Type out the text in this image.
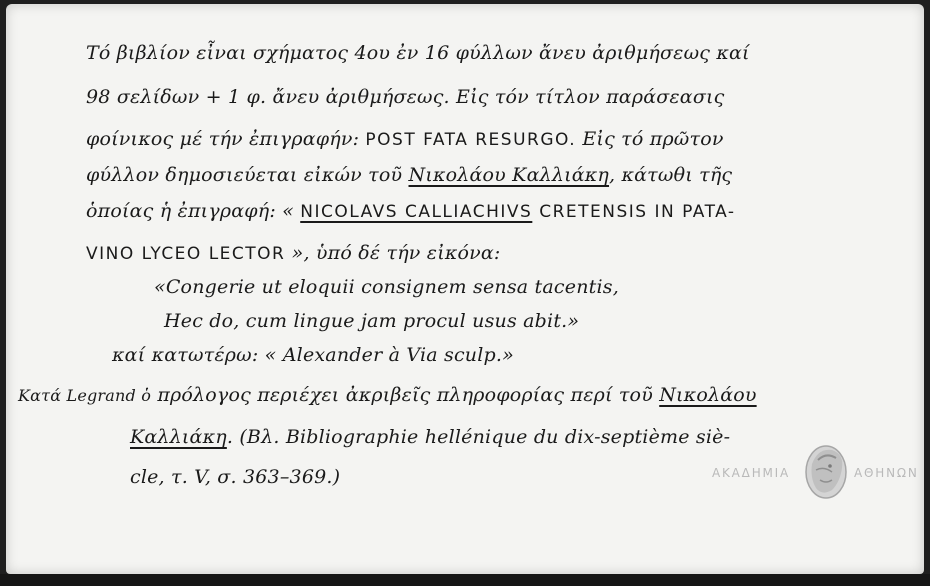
Τό βιβλίον εἶναι σχήματος 4ου ἐν 16 φύλλων ἄνευ ἀριθμήσεως καί
98 σελίδων + 1 φ. ἄνευ ἀριθμήσεως. Εἰς τόν τίτλον παράσεασις
φοίνικος μέ τήν ἐπιγραφήν: POST FATA RESURGO. Εἰς τό πρῶτον
φύλλον δημοσιεύεται εἰκών τοῦ Νικολάου Καλλιάκη, κάτωθι τῆς
ὁποίας ἡ ἐπιγραφή: « NICOLAVS CALLIACHIVS CRETENSIS IN PATA-
VINO LYCEO LECTOR », ὑπό δέ τήν εἰκόνα:
«Congerie ut eloquii consignem sensa tacentis,
Hec do, cum lingue jam procul usus abit.»
καί κατωτέρω: « Alexander à Via sculp.»
Κατά Legrand ὁ πρόλογος περιέχει ἀκριβεῖς πληροφορίας περί τοῦ Νικολάου
Καλλιάκη. (Βλ. Bibliographie hellénique du dix-septième siè-
cle, τ. V, σ. 363–369.)	ΑΚΑΔΗΜΙΑ	ΑΘΗΝΩΝ
